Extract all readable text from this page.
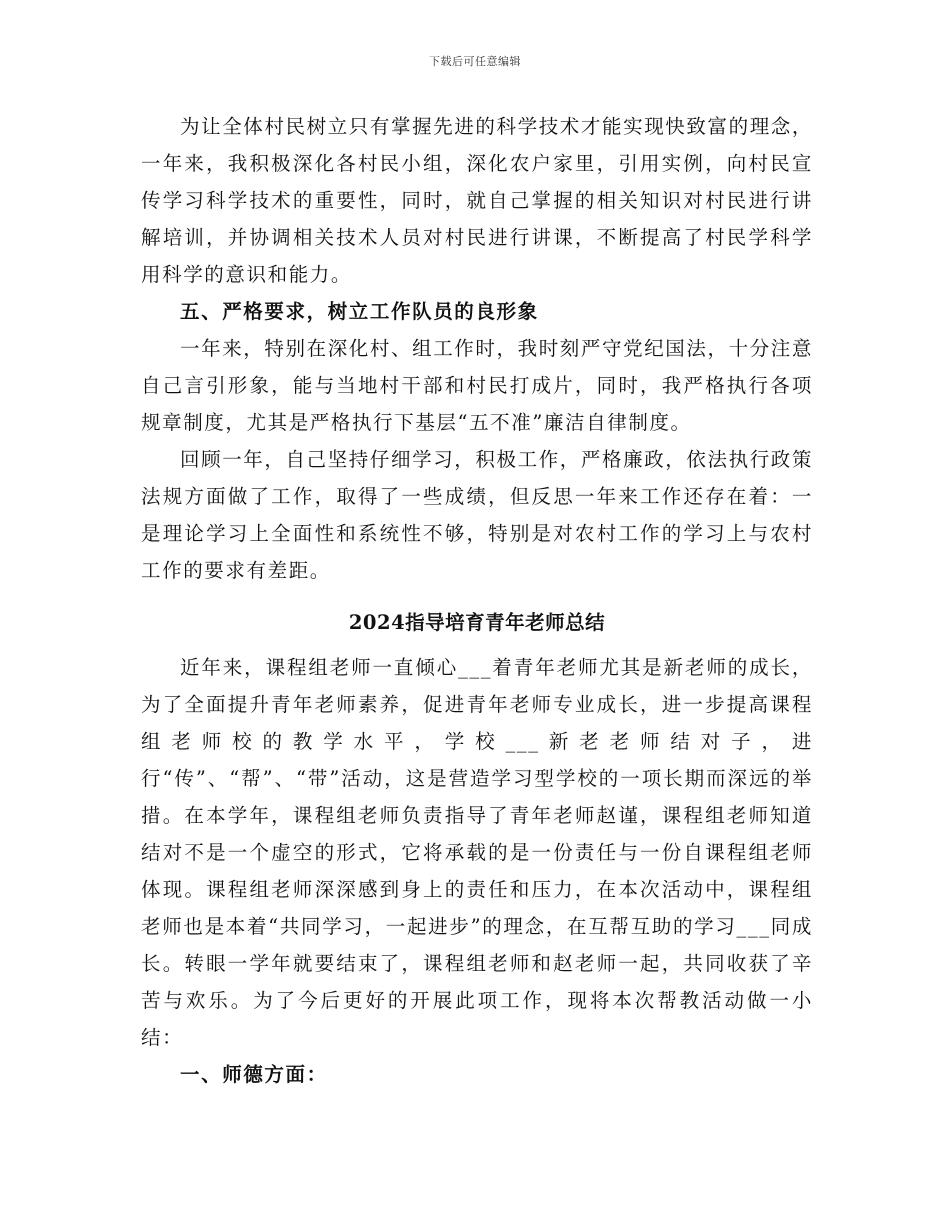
下载后可任意编辑

为让全体村民树立只有掌握先进的科学技术才能实现快致富的理念，一年来，我积极深化各村民小组，深化农户家里，引用实例，向村民宣传学习科学技术的重要性，同时，就自己掌握的相关知识对村民进行讲解培训，并协调相关技术人员对村民进行讲课，不断提高了村民学科学用科学的意识和能力。

五、严格要求，树立工作队员的良形象

一年来，特别在深化村、组工作时，我时刻严守党纪国法，十分注意自己言引形象，能与当地村干部和村民打成片，同时，我严格执行各项规章制度，尤其是严格执行下基层“五不准”廉洁自律制度。

回顾一年，自己坚持仔细学习，积极工作，严格廉政，依法执行政策法规方面做了工作，取得了一些成绩，但反思一年来工作还存在着：一是理论学习上全面性和系统性不够，特别是对农村工作的学习上与农村工作的要求有差距。

2024指导培育青年老师总结

近年来，课程组老师一直倾心___着青年老师尤其是新老师的成长，为了全面提升青年老师素养，促进青年老师专业成长，进一步提高课程组老师校的教学水平，学校___新老老师结对子，进行“传”、“帮”、“带”活动，这是营造学习型学校的一项长期而深远的举措。在本学年，课程组老师负责指导了青年老师赵谨，课程组老师知道结对不是一个虚空的形式，它将承载的是一份责任与一份自课程组老师体现。课程组老师深深感到身上的责任和压力，在本次活动中，课程组老师也是本着“共同学习，一起进步”的理念，在互帮互助的学习___同成长。转眼一学年就要结束了，课程组老师和赵老师一起，共同收获了辛苦与欢乐。为了今后更好的开展此项工作，现将本次帮教活动做一小结：

一、师德方面：
